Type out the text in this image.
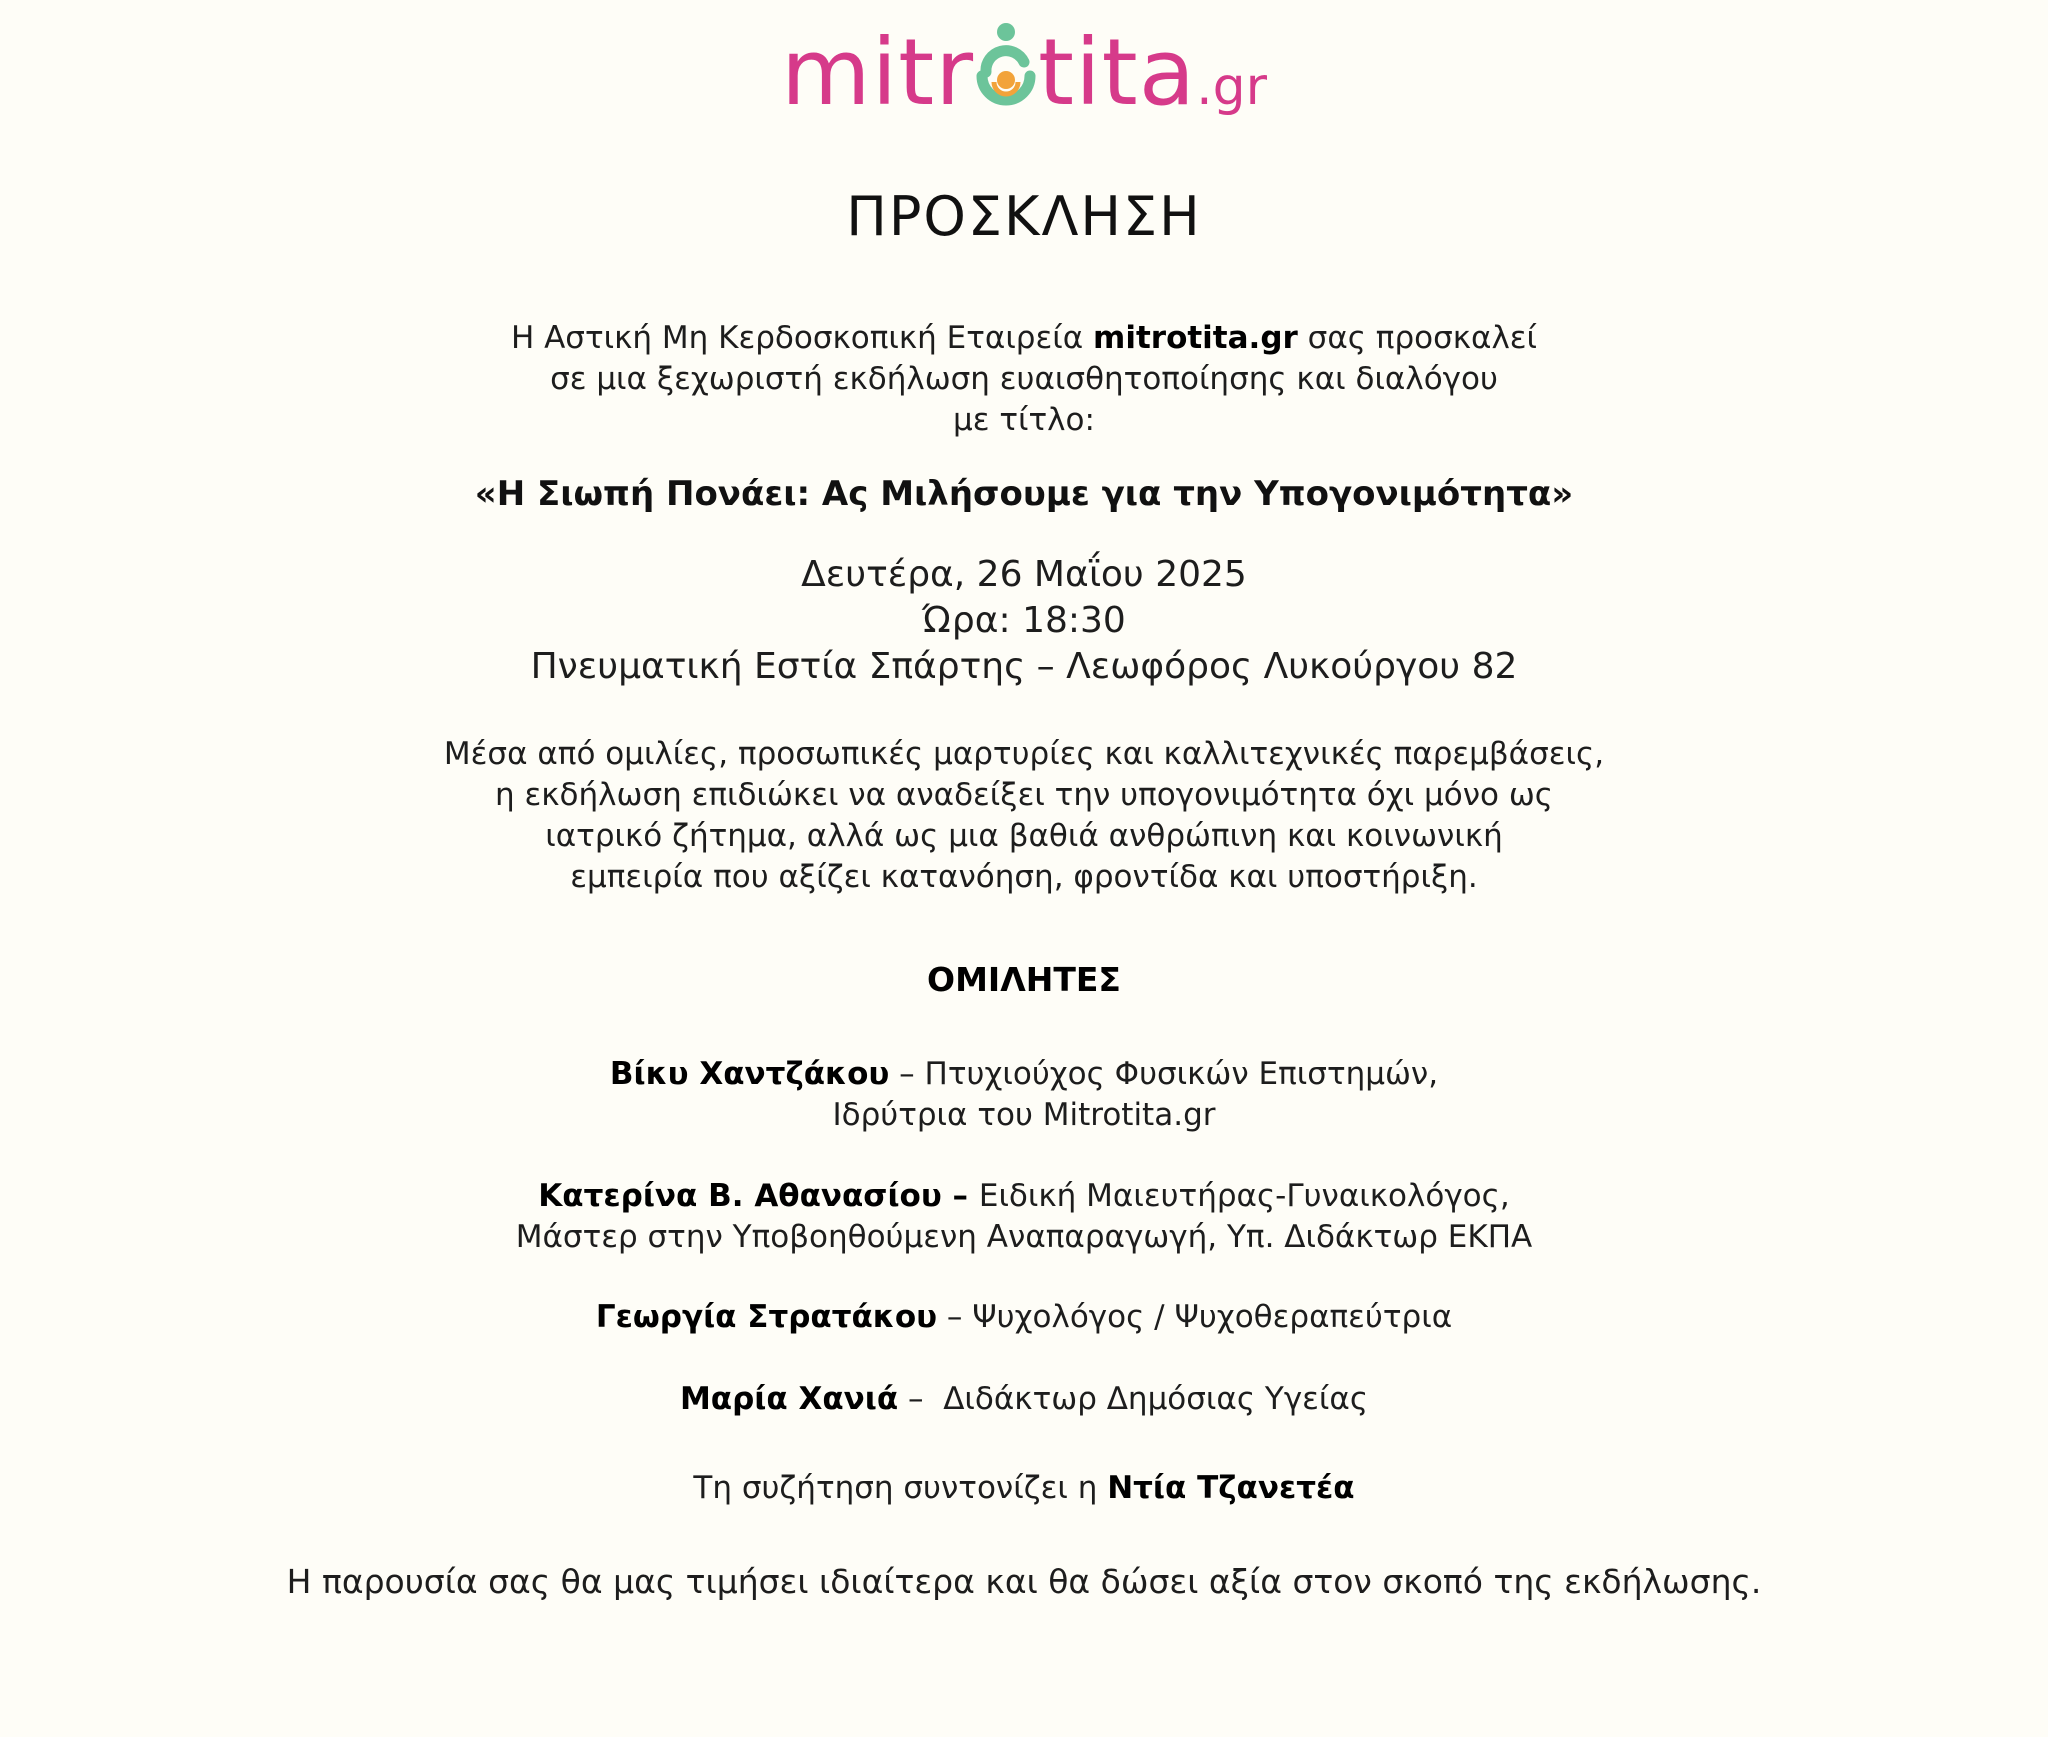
mitr tita.gr
ΠΡΟΣΚΛΗΣΗ
Η Αστική Μη Κερδοσκοπική Εταιρεία mitrotita.gr σας προσκαλεί
σε μια ξεχωριστή εκδήλωση ευαισθητοποίησης και διαλόγου
με τίτλο:
«Η Σιωπή Πονάει: Ας Μιλήσουμε για την Υπογονιμότητα»
Δευτέρα, 26 Μαΐου 2025
Ώρα: 18:30
Πνευματική Εστία Σπάρτης – Λεωφόρος Λυκούργου 82
Μέσα από ομιλίες, προσωπικές μαρτυρίες και καλλιτεχνικές παρεμβάσεις,
η εκδήλωση επιδιώκει να αναδείξει την υπογονιμότητα όχι μόνο ως
ιατρικό ζήτημα, αλλά ως μια βαθιά ανθρώπινη και κοινωνική
εμπειρία που αξίζει κατανόηση, φροντίδα και υποστήριξη.
ΟΜΙΛΗΤΕΣ
Βίκυ Χαντζάκου – Πτυχιούχος Φυσικών Επιστημών,
Ιδρύτρια του Mitrotita.gr
Κατερίνα Β. Αθανασίου – Ειδική Μαιευτήρας-Γυναικολόγος,
Μάστερ στην Υποβοηθούμενη Αναπαραγωγή, Υπ. Διδάκτωρ ΕΚΠΑ
Γεωργία Στρατάκου – Ψυχολόγος / Ψυχοθεραπεύτρια
Μαρία Χανιά –  Διδάκτωρ Δημόσιας Υγείας
Τη συζήτηση συντονίζει η Ντία Τζανετέα
Η παρουσία σας θα μας τιμήσει ιδιαίτερα και θα δώσει αξία στον σκοπό της εκδήλωσης.
